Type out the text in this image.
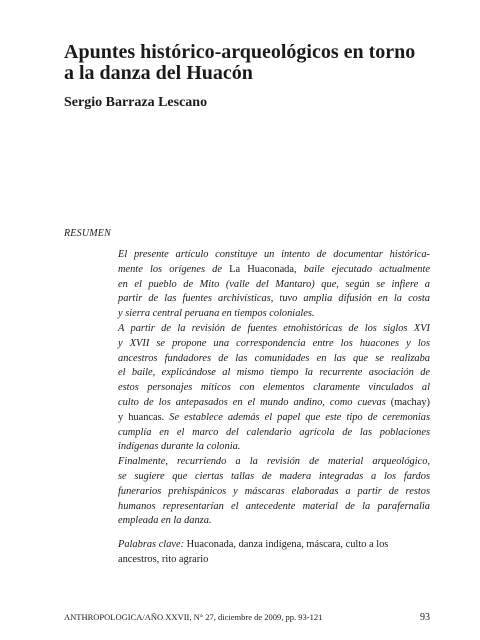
Apuntes histórico-arqueológicos en torno
a la danza del Huacón

Sergio Barraza Lescano

RESUMEN

El presente artículo constituye un intento de documentar histórica-
mente los orígenes de La Huaconada, baile ejecutado actualmente
en el pueblo de Mito (valle del Mantaro) que, según se infiere a
partir de las fuentes archivísticas, tuvo amplia difusión en la costa
y sierra central peruana en tiempos coloniales.
A partir de la revisión de fuentes etnohistóricas de los siglos XVI
y XVII se propone una correspondencia entre los huacones y los
ancestros fundadores de las comunidades en las que se realizaba
el baile, explicándose al mismo tiempo la recurrente asociación de
estos personajes míticos con elementos claramente vinculados al
culto de los antepasados en el mundo andino, como cuevas (machay)
y huancas. Se establece además el papel que este tipo de ceremonias
cumplía en el marco del calendario agrícola de las poblaciones
indígenas durante la colonia.
Finalmente, recurriendo a la revisión de material arqueológico,
se sugiere que ciertas tallas de madera integradas a los fardos
funerarios prehispánicos y máscaras elaboradas a partir de restos
humanos representarían el antecedente material de la parafernalia
empleada en la danza.
Palabras clave: Huaconada, danza indígena, máscara, culto a los
ancestros, rito agrario
ANTHROPOLOGICA/AÑO XXVII, N° 27, diciembre de 2009, pp. 93-121	93
